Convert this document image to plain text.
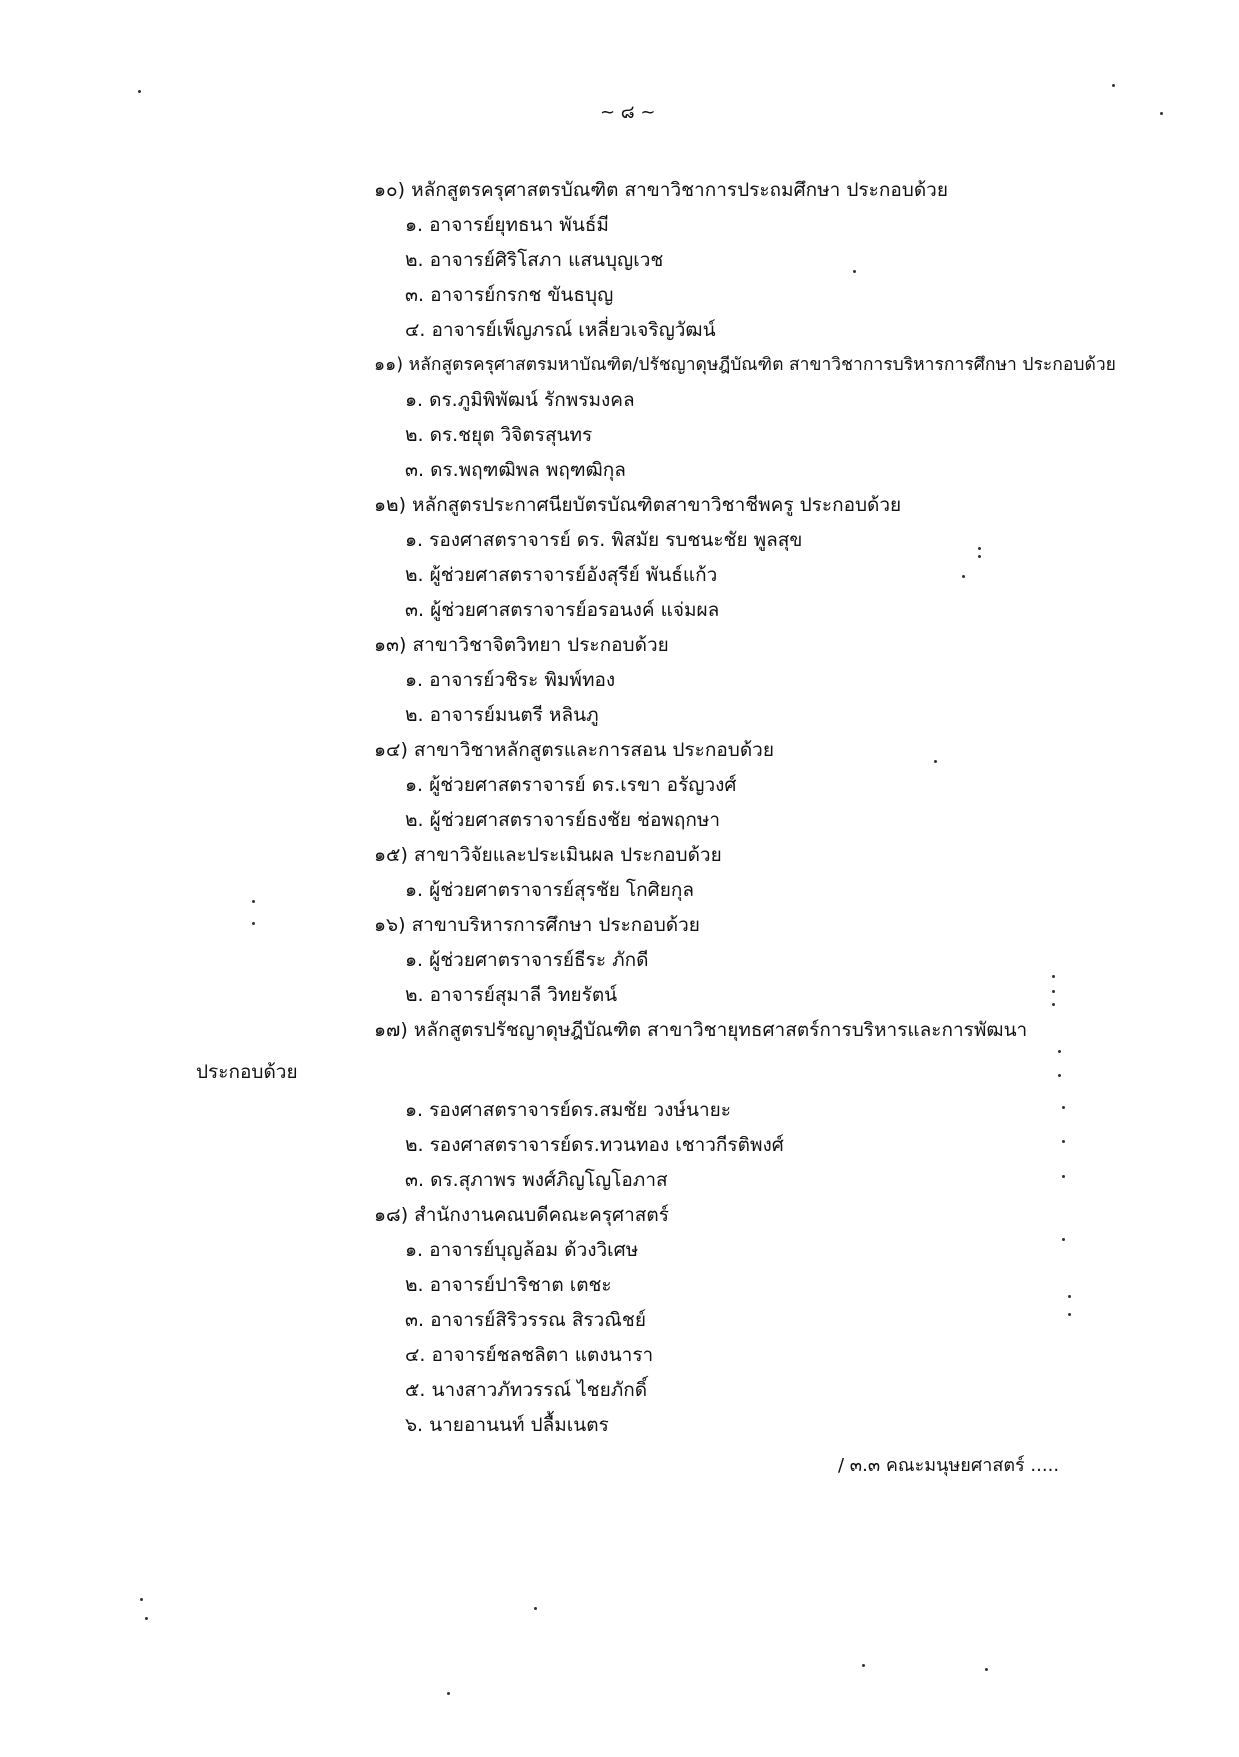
~ ๘ ~
๑๐) หลักสูตรครุศาสตรบัณฑิต สาขาวิชาการประถมศึกษา ประกอบด้วย
๑. อาจารย์ยุทธนา พันธ์มี
๒. อาจารย์ศิริโสภา แสนบุญเวช
๓. อาจารย์กรกช ขันธบุญ
๔. อาจารย์เพ็ญภรณ์ เหลี่ยวเจริญวัฒน์
๑๑) หลักสูตรครุศาสตรมหาบัณฑิต/ปรัชญาดุษฎีบัณฑิต สาขาวิชาการบริหารการศึกษา ประกอบด้วย
๑. ดร.ภูมิพิพัฒน์ รักพรมงคล
๒. ดร.ชยุต วิจิตรสุนทร
๓. ดร.พฤฑฒิพล พฤฑฒิกุล
๑๒) หลักสูตรประกาศนียบัตรบัณฑิตสาขาวิชาชีพครู ประกอบด้วย
๑. รองศาสตราจารย์ ดร. พิสมัย รบชนะชัย พูลสุข
๒. ผู้ช่วยศาสตราจารย์อังสุรีย์ พันธ์แก้ว
๓. ผู้ช่วยศาสตราจารย์อรอนงค์ แจ่มผล
๑๓) สาขาวิชาจิตวิทยา ประกอบด้วย
๑. อาจารย์วชิระ พิมพ์ทอง
๒. อาจารย์มนตรี หลินภู
๑๔) สาขาวิชาหลักสูตรและการสอน ประกอบด้วย
๑. ผู้ช่วยศาสตราจารย์ ดร.เรขา อรัญวงศ์
๒. ผู้ช่วยศาสตราจารย์ธงชัย ช่อพฤกษา
๑๕) สาขาวิจัยและประเมินผล ประกอบด้วย
๑. ผู้ช่วยศาตราจารย์สุรชัย โกศิยกุล
๑๖) สาขาบริหารการศึกษา ประกอบด้วย
๑. ผู้ช่วยศาตราจารย์ธีระ ภักดี
๒. อาจารย์สุมาลี วิทยรัตน์
๑๗) หลักสูตรปรัชญาดุษฎีบัณฑิต สาขาวิชายุทธศาสตร์การบริหารและการพัฒนา
ประกอบด้วย
๑. รองศาสตราจารย์ดร.สมชัย วงษ์นายะ
๒. รองศาสตราจารย์ดร.ทวนทอง เชาวกีรติพงศ์
๓. ดร.สุภาพร พงศ์ภิญโญโอภาส
๑๘) สำนักงานคณบดีคณะครุศาสตร์
๑. อาจารย์บุญล้อม ด้วงวิเศษ
๒. อาจารย์ปาริชาต เตชะ
๓. อาจารย์สิริวรรณ สิรวณิชย์
๔. อาจารย์ชลชลิตา แตงนารา
๕. นางสาวภัทวรรณ์ ไชยภักดิ์
๖. นายอานนท์ ปลื้มเนตร
/ ๓.๓ คณะมนุษยศาสตร์ .....
